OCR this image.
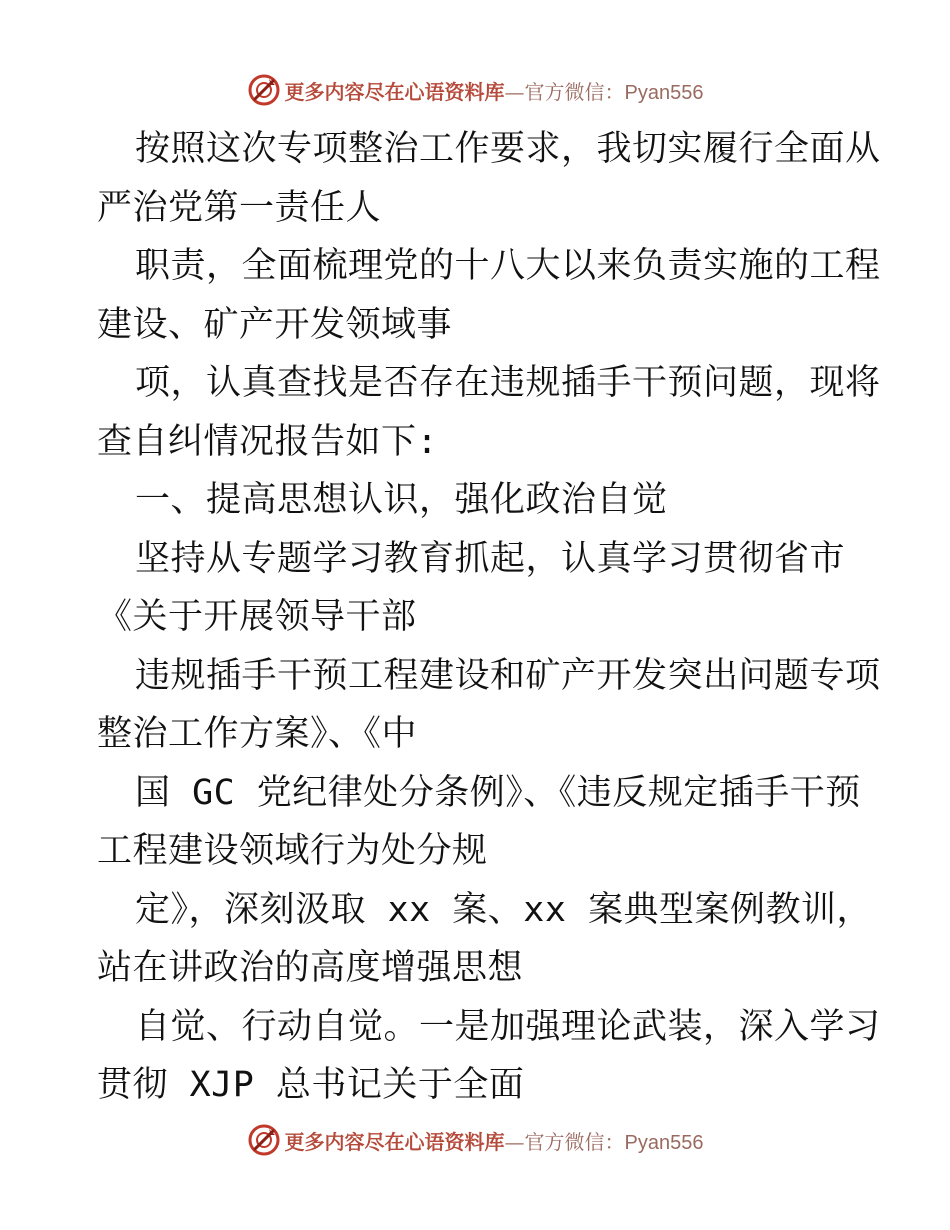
更多内容尽在心语资料库—官方微信：Pyan556
按照这次专项整治工作要求，我切实履行全面从
严治党第一责任人
职责，全面梳理党的十八大以来负责实施的工程
建设、矿产开发领域事
项，认真查找是否存在违规插手干预问题，现将
查自纠情况报告如下:
一、提高思想认识，强化政治自觉
坚持从专题学习教育抓起，认真学习贯彻省市
《关于开展领导干部
违规插手干预工程建设和矿产开发突出问题专项
整治工作方案》、《中
国 GC 党纪律处分条例》、《违反规定插手干预
工程建设领域行为处分规
定》，深刻汲取 xx 案、xx 案典型案例教训，
站在讲政治的高度增强思想
自觉、行动自觉。一是加强理论武装，深入学习
贯彻 XJP 总书记关于全面
更多内容尽在心语资料库—官方微信：Pyan556
